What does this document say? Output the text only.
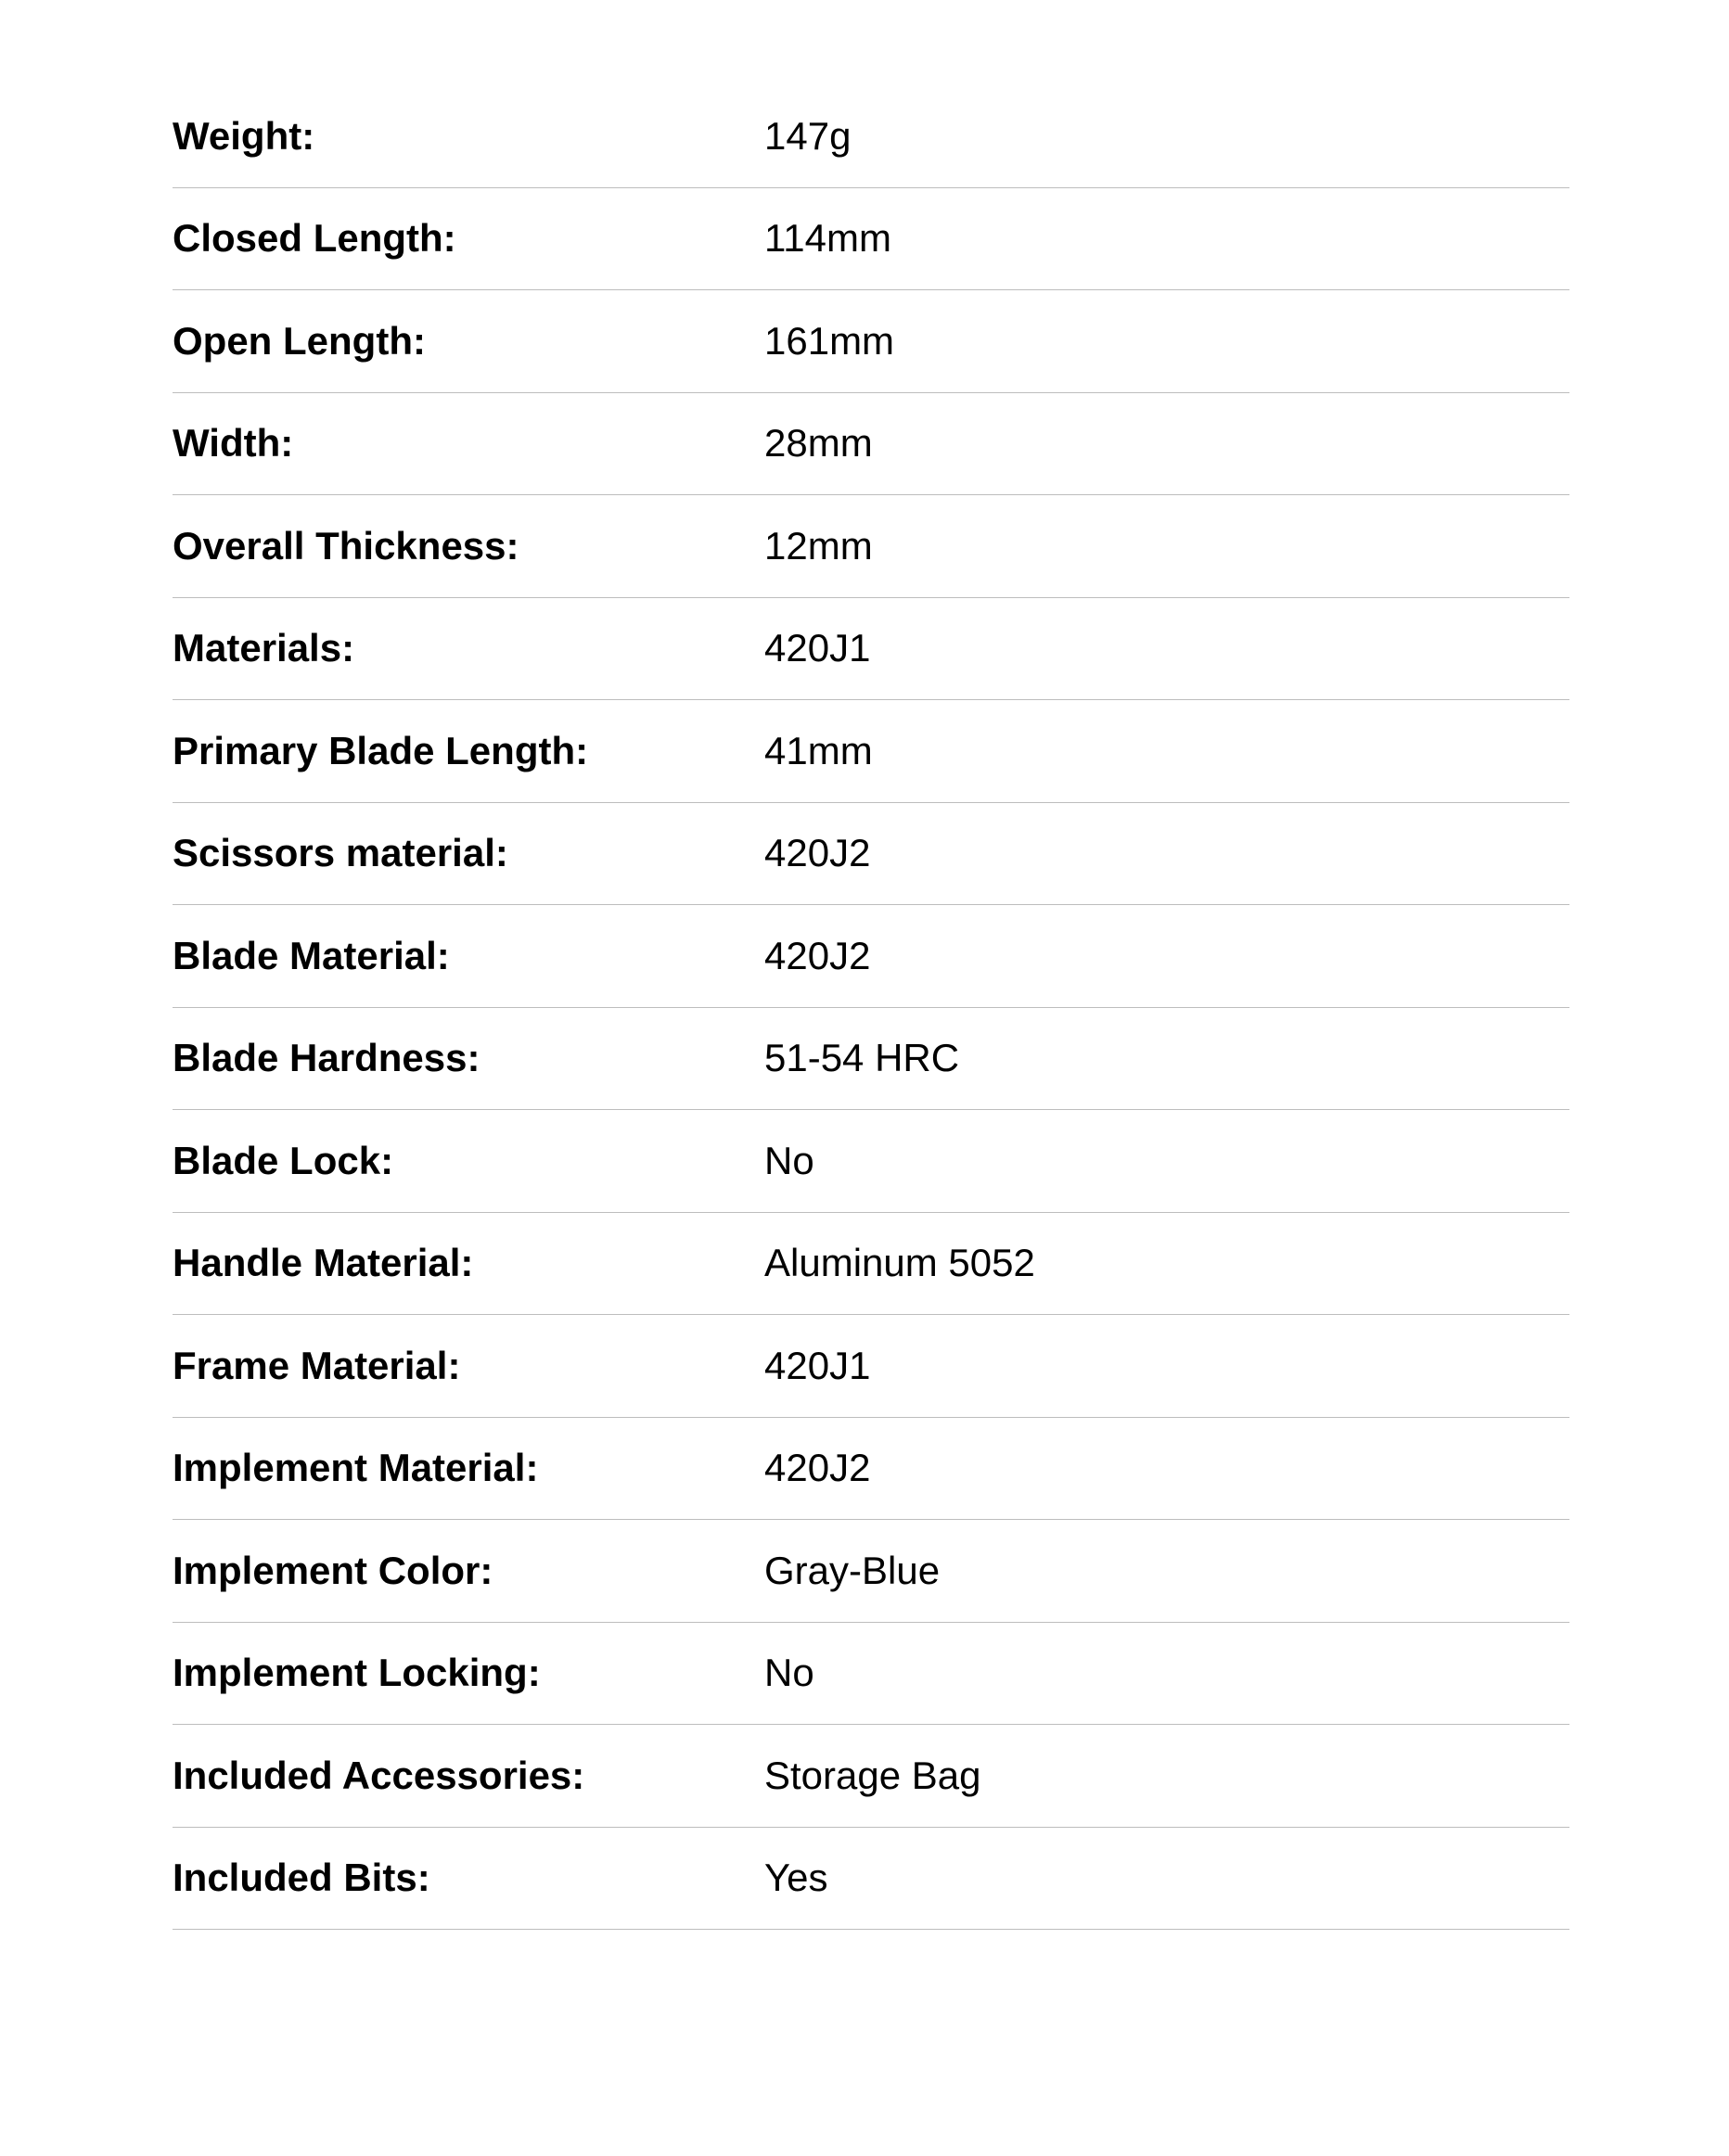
Weight:	147g
Closed Length:	114mm
Open Length:	161mm
Width:	28mm
Overall Thickness:	12mm
Materials:	420J1
Primary Blade Length:	41mm
Scissors material:	420J2
Blade Material:	420J2
Blade Hardness:	51-54 HRC
Blade Lock:	No
Handle Material:	Aluminum 5052
Frame Material:	420J1
Implement Material:	420J2
Implement Color:	Gray-Blue
Implement Locking:	No
Included Accessories:	Storage Bag
Included Bits:	Yes
